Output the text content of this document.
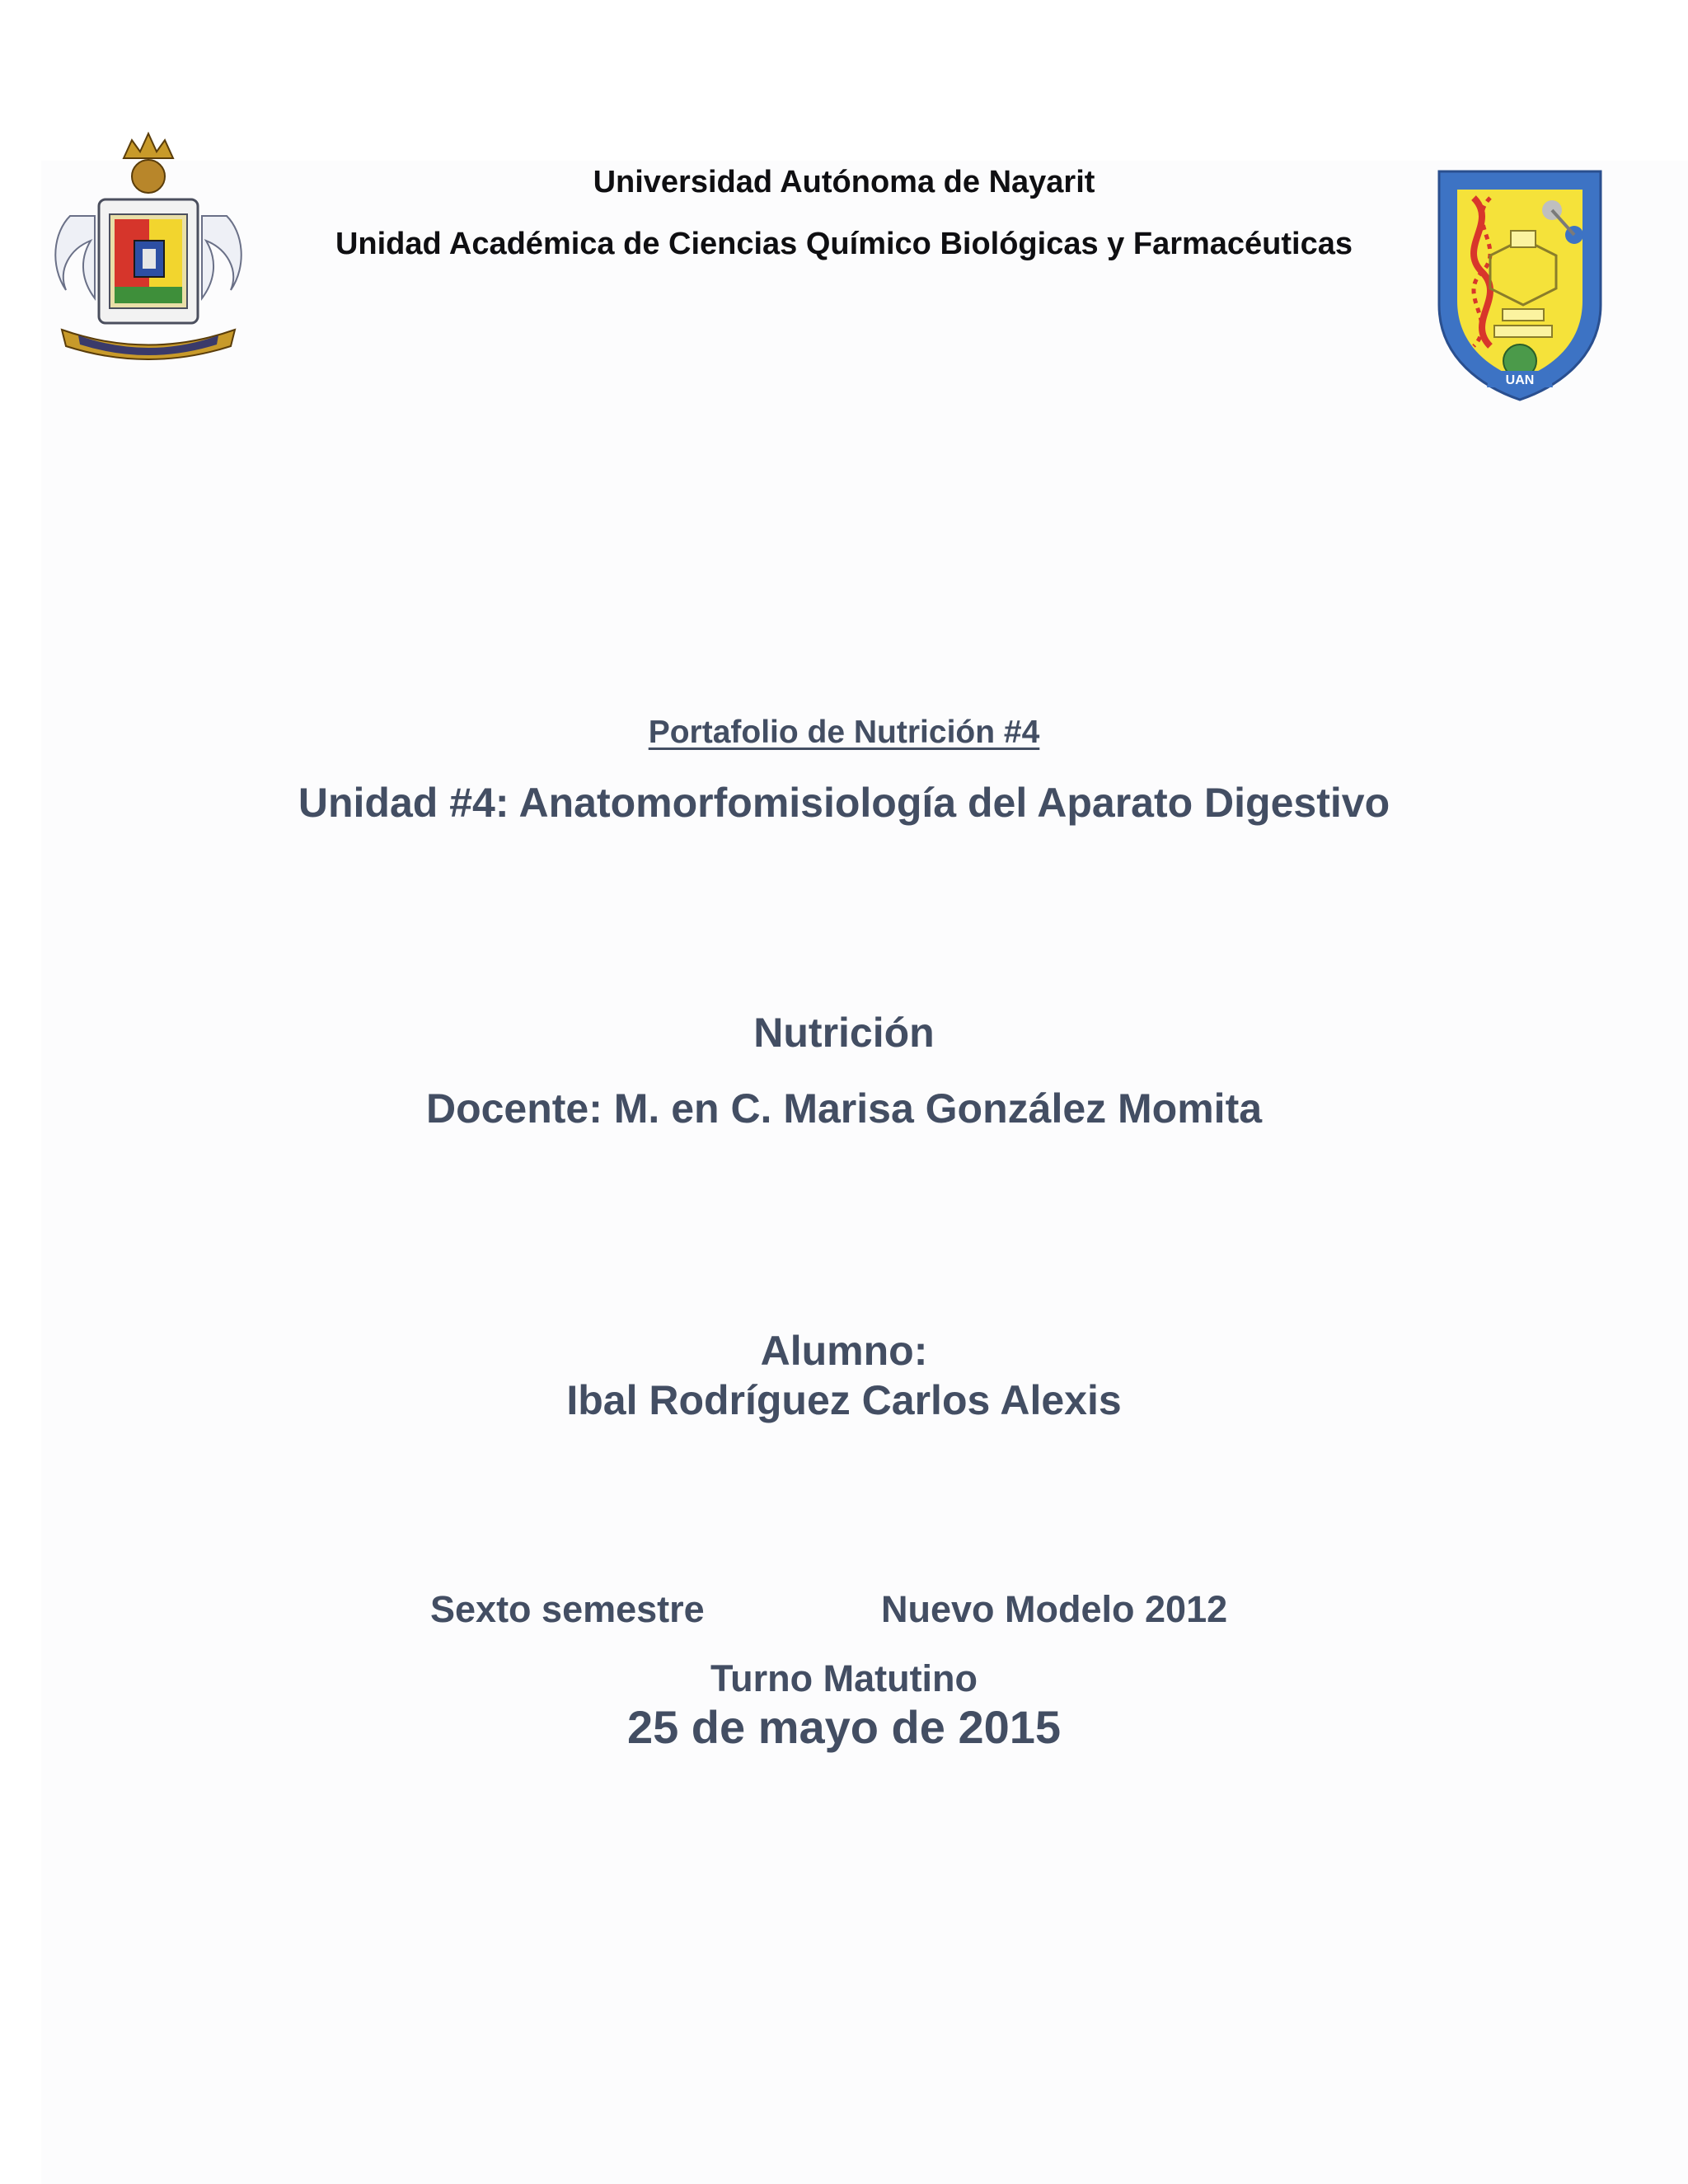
UAN
Universidad Autónoma de Nayarit
Unidad Académica de Ciencias Químico Biológicas y Farmacéuticas
Portafolio de Nutrición #4
Unidad #4: Anatomorfomisiología del Aparato Digestivo
Nutrición
Docente: M. en C. Marisa González Momita
Alumno:
Ibal Rodríguez Carlos Alexis
Sexto semestre	Nuevo Modelo 2012
Turno Matutino
25 de mayo de 2015
